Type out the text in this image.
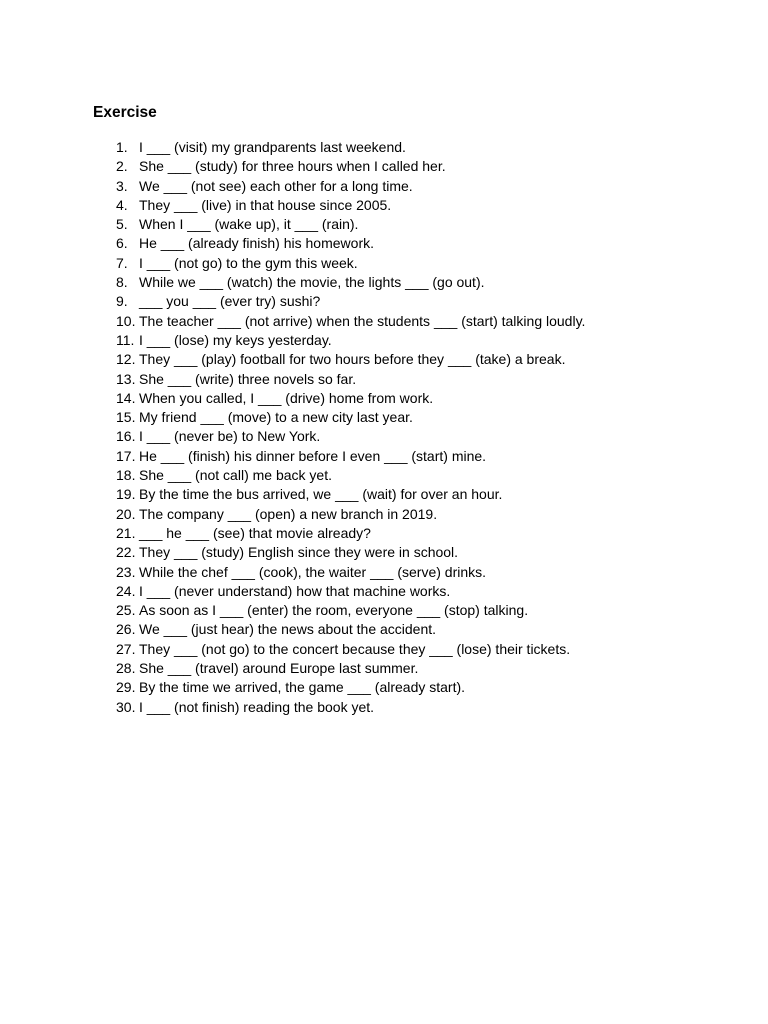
Exercise
1. I ___ (visit) my grandparents last weekend.
2. She ___ (study) for three hours when I called her.
3. We ___ (not see) each other for a long time.
4. They ___ (live) in that house since 2005.
5. When I ___ (wake up), it ___ (rain).
6. He ___ (already finish) his homework.
7. I ___ (not go) to the gym this week.
8. While we ___ (watch) the movie, the lights ___ (go out).
9. ___ you ___ (ever try) sushi?
10. The teacher ___ (not arrive) when the students ___ (start) talking loudly.
11. I ___ (lose) my keys yesterday.
12. They ___ (play) football for two hours before they ___ (take) a break.
13. She ___ (write) three novels so far.
14. When you called, I ___ (drive) home from work.
15. My friend ___ (move) to a new city last year.
16. I ___ (never be) to New York.
17. He ___ (finish) his dinner before I even ___ (start) mine.
18. She ___ (not call) me back yet.
19. By the time the bus arrived, we ___ (wait) for over an hour.
20. The company ___ (open) a new branch in 2019.
21. ___ he ___ (see) that movie already?
22. They ___ (study) English since they were in school.
23. While the chef ___ (cook), the waiter ___ (serve) drinks.
24. I ___ (never understand) how that machine works.
25. As soon as I ___ (enter) the room, everyone ___ (stop) talking.
26. We ___ (just hear) the news about the accident.
27. They ___ (not go) to the concert because they ___ (lose) their tickets.
28. She ___ (travel) around Europe last summer.
29. By the time we arrived, the game ___ (already start).
30. I ___ (not finish) reading the book yet.
